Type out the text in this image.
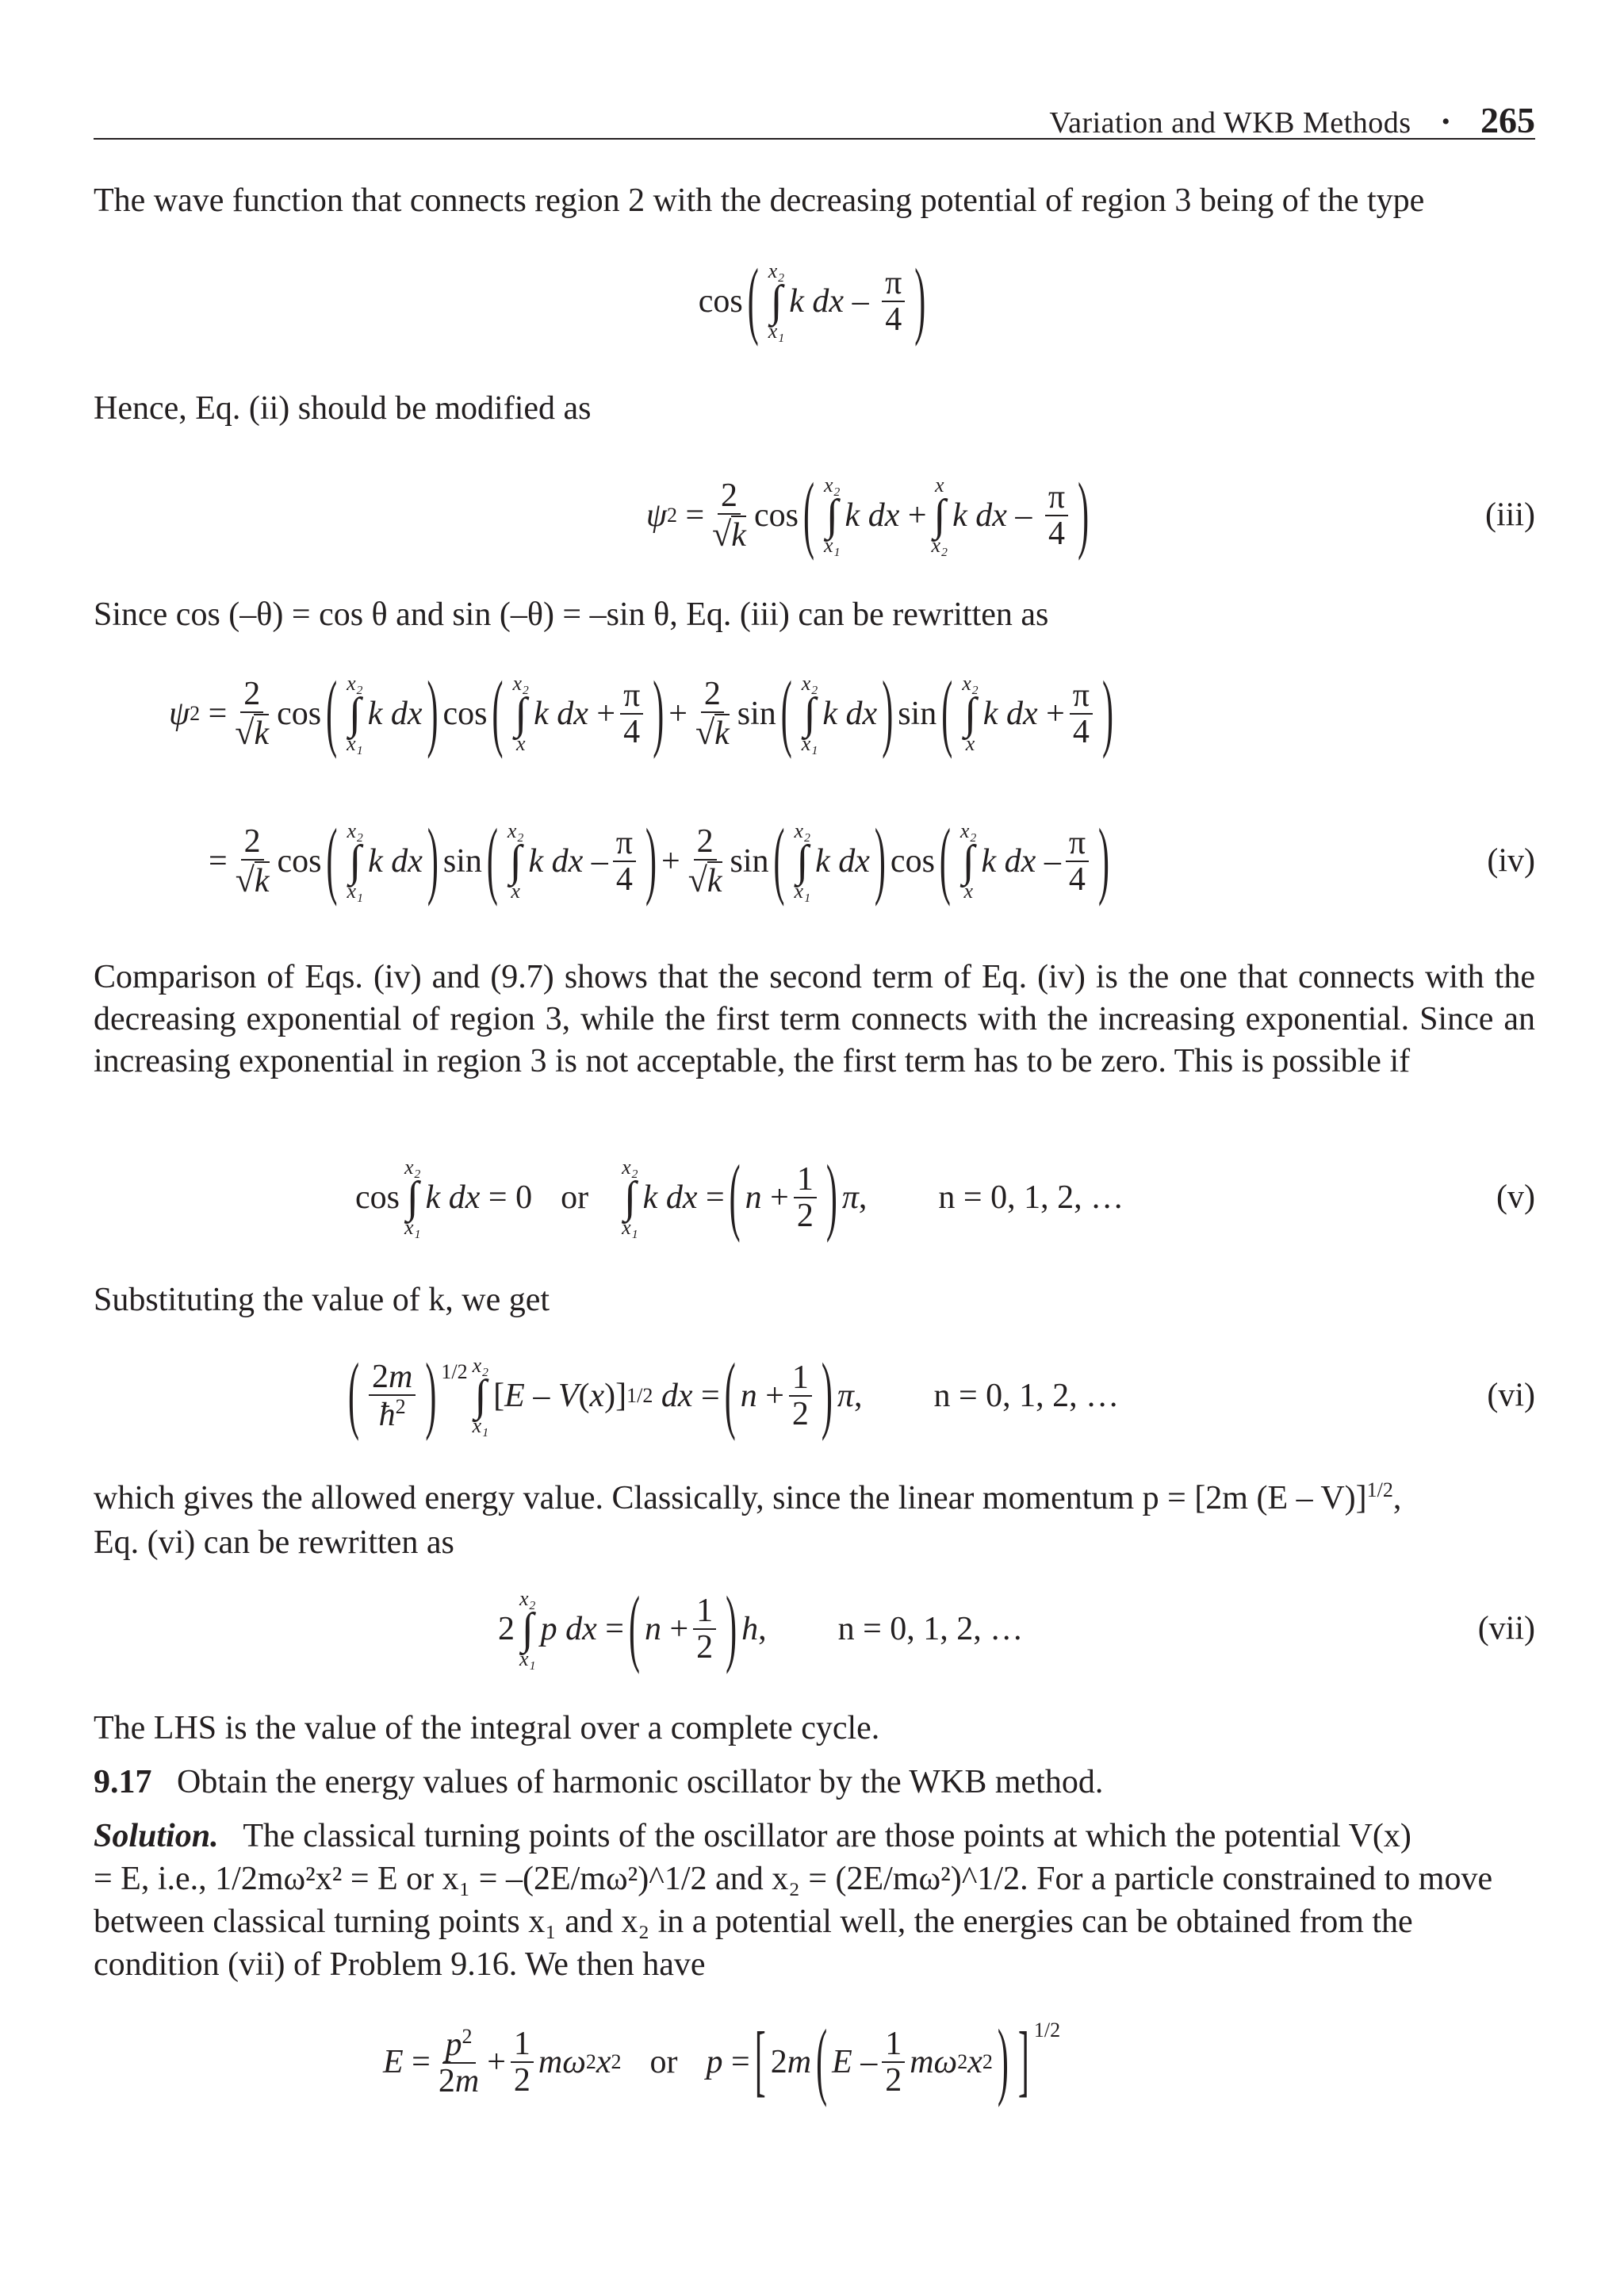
Variation and WKB Methods • 265
The wave function that connects region 2 with the decreasing potential of region 3 being of the type
cos ( x₂
∫
x₁
k dx – π
4 )
Hence, Eq. (ii) should be modified as
ψ 2 =
2
√k
cos ( x₂
∫
x₁
k dx +
x
∫
x₂
k dx – π
4 )	(iii)
Since cos (–θ) = cos θ and sin (–θ) = –sin θ, Eq. (iii) can be rewritten as
ψ 2 =
2
√k
cos ( x₂
∫
x₁
k dx ) cos ( x₂
∫
x
k dx + π
4 ) +
2
√k
sin ( x₂
∫
x₁
k dx ) sin ( x₂
∫
x
k dx + π
4 )
=
2
√k
cos ( x₂
∫
x₁
k dx ) sin ( x₂
∫
x
k dx – π
4 ) +
2
√k
sin ( x₂
∫
x₁
k dx ) cos ( x₂
∫
x
k dx – π
4 )	(iv)
Comparison of Eqs. (iv) and (9.7) shows that the second term of Eq. (iv) is the one that connects with the decreasing exponential of region 3, while the first term connects with the increasing exponential. Since an increasing exponential in region 3 is not acceptable, the first term has to be zero. This is possible if
cos
x₂
∫
x₁
k dx = 0 or
x₂
∫
x₁
k dx = ( n + 1
2 ) π , n = 0, 1, 2, …	(v)
Substituting the value of k, we get
( 2m
$ħ^2$ )$^{1/2}$ x₂
∫
x₁
[ E – V ( x )] 1/2
dx = ( n + 1
2 ) π , n = 0, 1, 2, …	(vi)
which gives the allowed energy value. Classically, since the linear momentum p = [2m (E – V)]$^{1/2}$,
Eq. (vi) can be rewritten as
2
x₂
∫
x₁
p dx = ( n + 1
2 ) h , n = 0, 1, 2, …	(vii)
The LHS is the value of the integral over a complete cycle.
9.17 Obtain the energy values of harmonic oscillator by the WKB method.
Solution. The classical turning points of the oscillator are those points at which the potential V(x)
= E, i.e., 1/2mω²x² = E or x₁ = –(2E/mω²)^1/2 and x₂ = (2E/mω²)^1/2. For a particle constrained to move
between classical turning points x₁ and x₂ in a potential well, the energies can be obtained from the
condition (vii) of Problem 9.16. We then have
$E = p^2$
2m
+ 1
2
mω 2 x 2 or p = [ 2 m ( E – 1
2
mω 2 x 2 ) ]$^{1/2}$
